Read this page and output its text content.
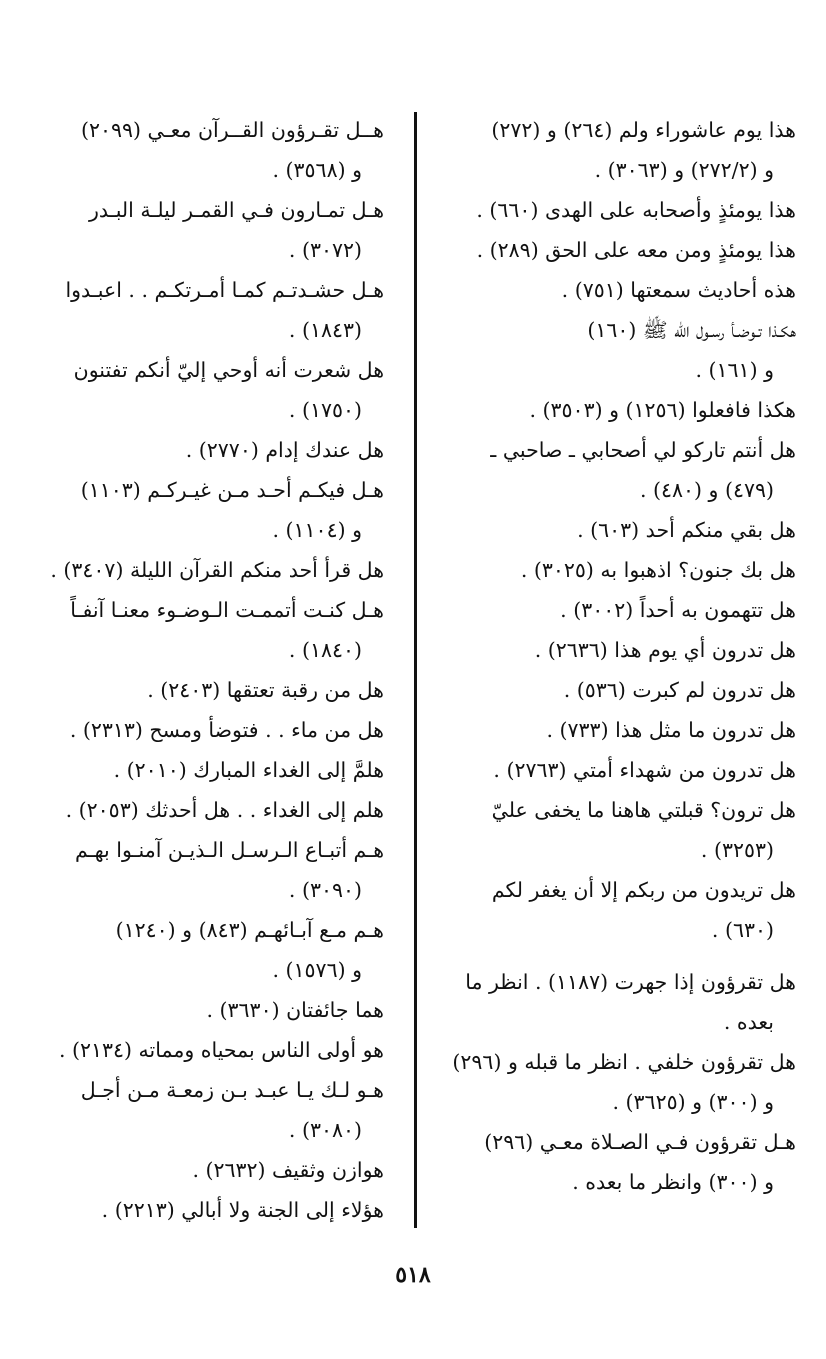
هذا يوم عاشوراء ولم (٢٦٤) و (٢٧٢)
و (٢٧٢/٢) و (٣٠٦٣) .

هذا يومئذٍ وأصحابه على الهدى (٦٦٠) .

هذا يومئذٍ ومن معه على الحق (٢٨٩) .

هذه أحاديث سمعتها (٧٥١) .

هكـذا تـوضـأ رسـول الله ﷺ (١٦٠)
و (١٦١) .

هكذا فافعلوا (١٢٥٦) و (٣٥٠٣) .

هل أنتم تاركو لي أصحابي ـ صاحبي ـ
(٤٧٩) و (٤٨٠) .

هل بقي منكم أحد (٦٠٣) .

هل بك جنون؟ اذهبوا به (٣٠٢٥) .

هل تتهمون به أحداً (٣٠٠٢) .

هل تدرون أي يوم هذا (٢٦٣٦) .

هل تدرون لم كبرت (٥٣٦) .

هل تدرون ما مثل هذا (٧٣٣) .

هل تدرون من شهداء أمتي (٢٧٦٣) .

هل ترون؟ قبلتي هاهنا ما يخفى عليّ
(٣٢٥٣) .

هل تريدون من ربكم إلا أن يغفر لكم
(٦٣٠) .

هل تقرؤون إذا جهرت (١١٨٧) . انظر ما
بعده .

هل تقرؤون خلفي . انظر ما قبله و (٢٩٦)
و (٣٠٠) و (٣٦٢٥) .

هـل تقرؤون فـي الصـلاة معـي (٢٩٦)
و (٣٠٠) وانظر ما بعده .

هــل تقـرؤون القــرآن معـي (٢٠٩٩)
و (٣٥٦٨) .

هـل تمـارون فـي القمـر ليلـة البـدر
(٣٠٧٢) .

هـل حشـدتـم كمـا أمـرتكـم . . اعبـدوا
(١٨٤٣) .

هل شعرت أنه أوحي إليّ أنكم تفتنون
(١٧٥٠) .

هل عندك إدام (٢٧٧٠) .

هـل فيكـم أحـد مـن غيـركـم (١١٠٣)
و (١١٠٤) .

هل قرأ أحد منكم القرآن الليلة (٣٤٠٧) .

هـل كنـت أتممـت الـوضـوء معنـا آنفـاً
(١٨٤٠) .

هل من رقبة تعتقها (٢٤٠٣) .

هل من ماء . . فتوضأ ومسح (٢٣١٣) .

هلمَّ إلى الغداء المبارك (٢٠١٠) .

هلم إلى الغداء . . هل أحدثك (٢٠٥٣) .

هـم أتبـاع الـرسـل الـذيـن آمنـوا بهـم
(٣٠٩٠) .

هـم مـع آبـائهـم (٨٤٣) و (١٢٤٠)
و (١٥٧٦) .

هما جائفتان (٣٦٣٠) .

هو أولى الناس بمحياه ومماته (٢١٣٤) .

هـو لـك يـا عبـد بـن زمعـة مـن أجـل
(٣٠٨٠) .

هوازن وثقيف (٢٦٣٢) .

هؤلاء إلى الجنة ولا أبالي (٢٢١٣) .

٥١٨
